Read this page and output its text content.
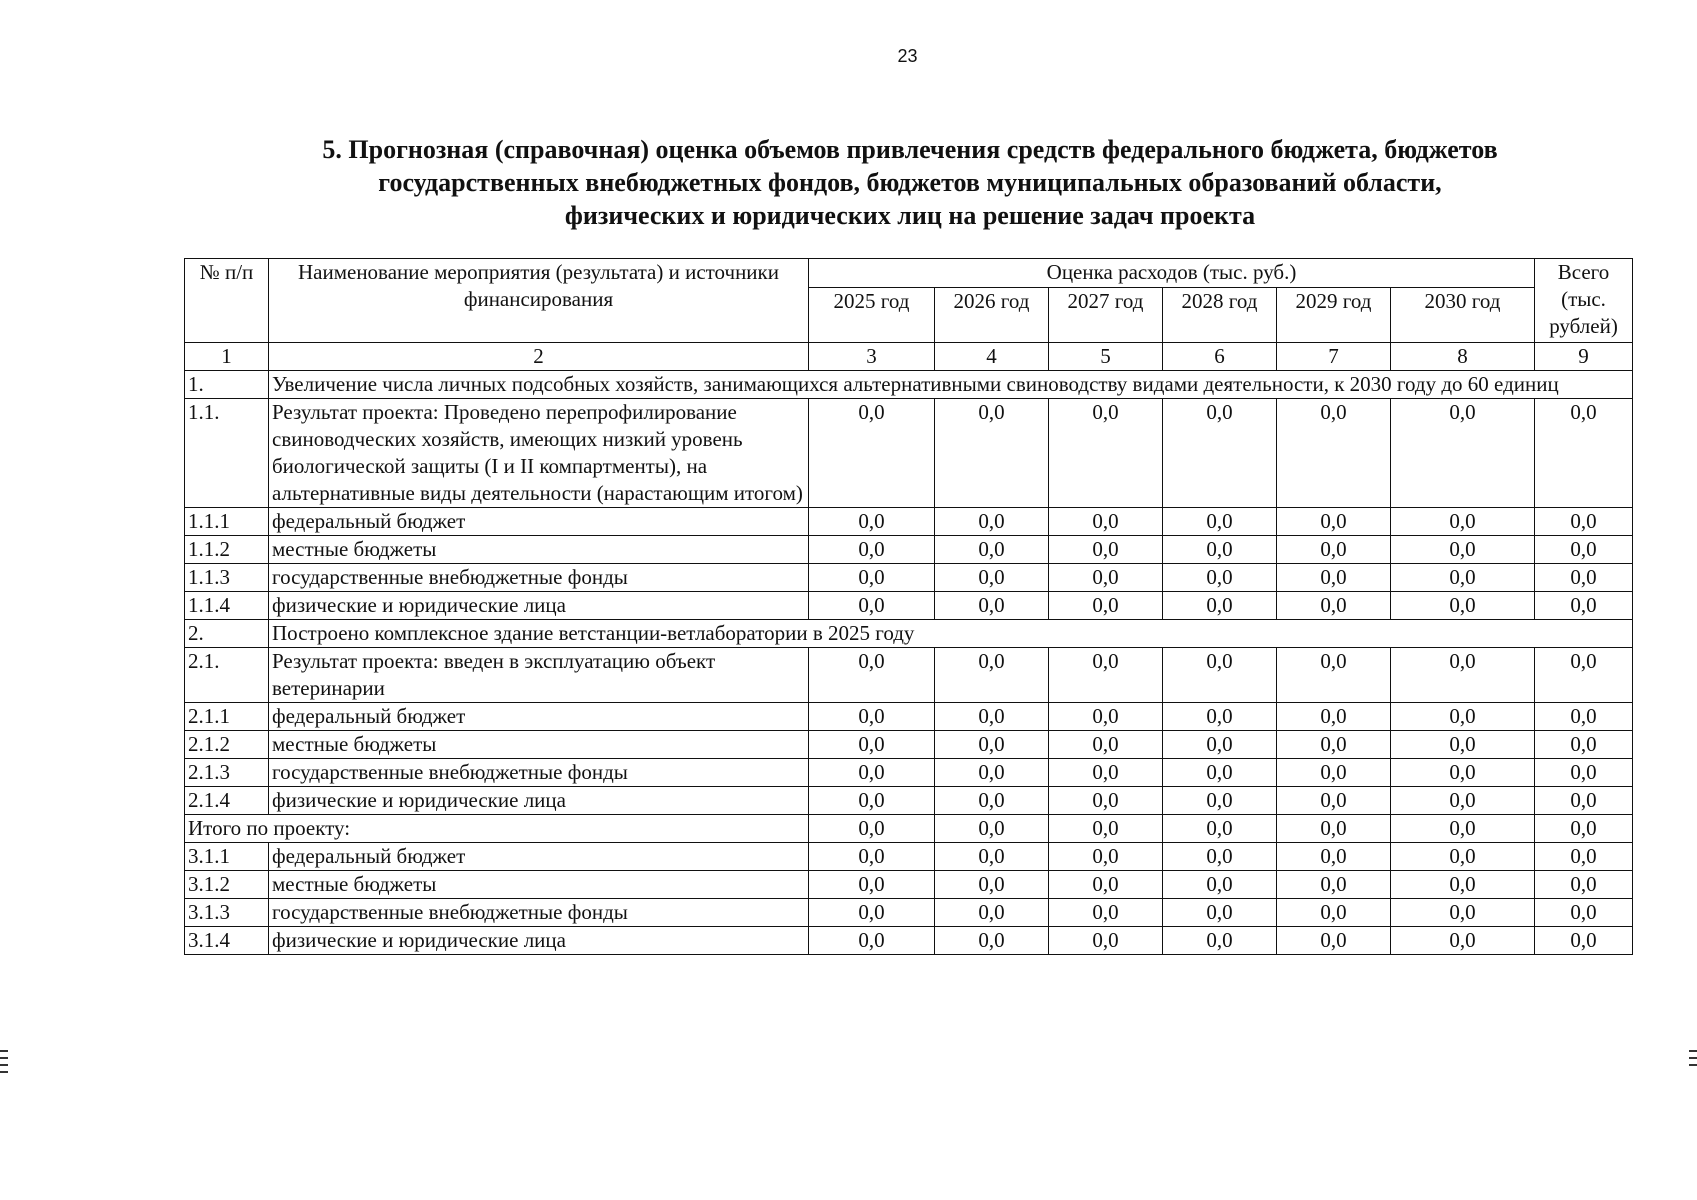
23
5. Прогнозная (справочная) оценка объемов привлечения средств федерального бюджета, бюджетов
государственных внебюджетных фондов, бюджетов муниципальных образований области,
физических и юридических лиц на решение задач проекта
№ п/п	Наименование мероприятия (результата) и источники финансирования	Оценка расходов (тыс. руб.)						Всего (тыс. рублей)
		2025 год	2026 год	2027 год	2028 год	2029 год	2030 год	
1	2	3	4	5	6	7	8	9
1.	Увеличение числа личных подсобных хозяйств, занимающихся альтернативными свиноводству видами деятельности, к 2030 году до 60 единиц							
1.1.	Результат проекта: Проведено перепрофилирование свиноводческих хозяйств, имеющих низкий уровень биологической защиты (I и II компартменты), на альтернативные виды деятельности (нарастающим итогом)	0,0	0,0	0,0	0,0	0,0	0,0	0,0
1.1.1	федеральный бюджет	0,0	0,0	0,0	0,0	0,0	0,0	0,0
1.1.2	местные бюджеты	0,0	0,0	0,0	0,0	0,0	0,0	0,0
1.1.3	государственные внебюджетные фонды	0,0	0,0	0,0	0,0	0,0	0,0	0,0
1.1.4	физические и юридические лица	0,0	0,0	0,0	0,0	0,0	0,0	0,0
2.	Построено комплексное здание ветстанции-ветлаборатории в 2025 году							
2.1.	Результат проекта: введен в эксплуатацию объект ветеринарии	0,0	0,0	0,0	0,0	0,0	0,0	0,0
2.1.1	федеральный бюджет	0,0	0,0	0,0	0,0	0,0	0,0	0,0
2.1.2	местные бюджеты	0,0	0,0	0,0	0,0	0,0	0,0	0,0
2.1.3	государственные внебюджетные фонды	0,0	0,0	0,0	0,0	0,0	0,0	0,0
2.1.4	физические и юридические лица	0,0	0,0	0,0	0,0	0,0	0,0	0,0
Итого по проекту:		0,0	0,0	0,0	0,0	0,0	0,0	0,0
3.1.1	федеральный бюджет	0,0	0,0	0,0	0,0	0,0	0,0	0,0
3.1.2	местные бюджеты	0,0	0,0	0,0	0,0	0,0	0,0	0,0
3.1.3	государственные внебюджетные фонды	0,0	0,0	0,0	0,0	0,0	0,0	0,0
3.1.4	физические и юридические лица	0,0	0,0	0,0	0,0	0,0	0,0	0,0
